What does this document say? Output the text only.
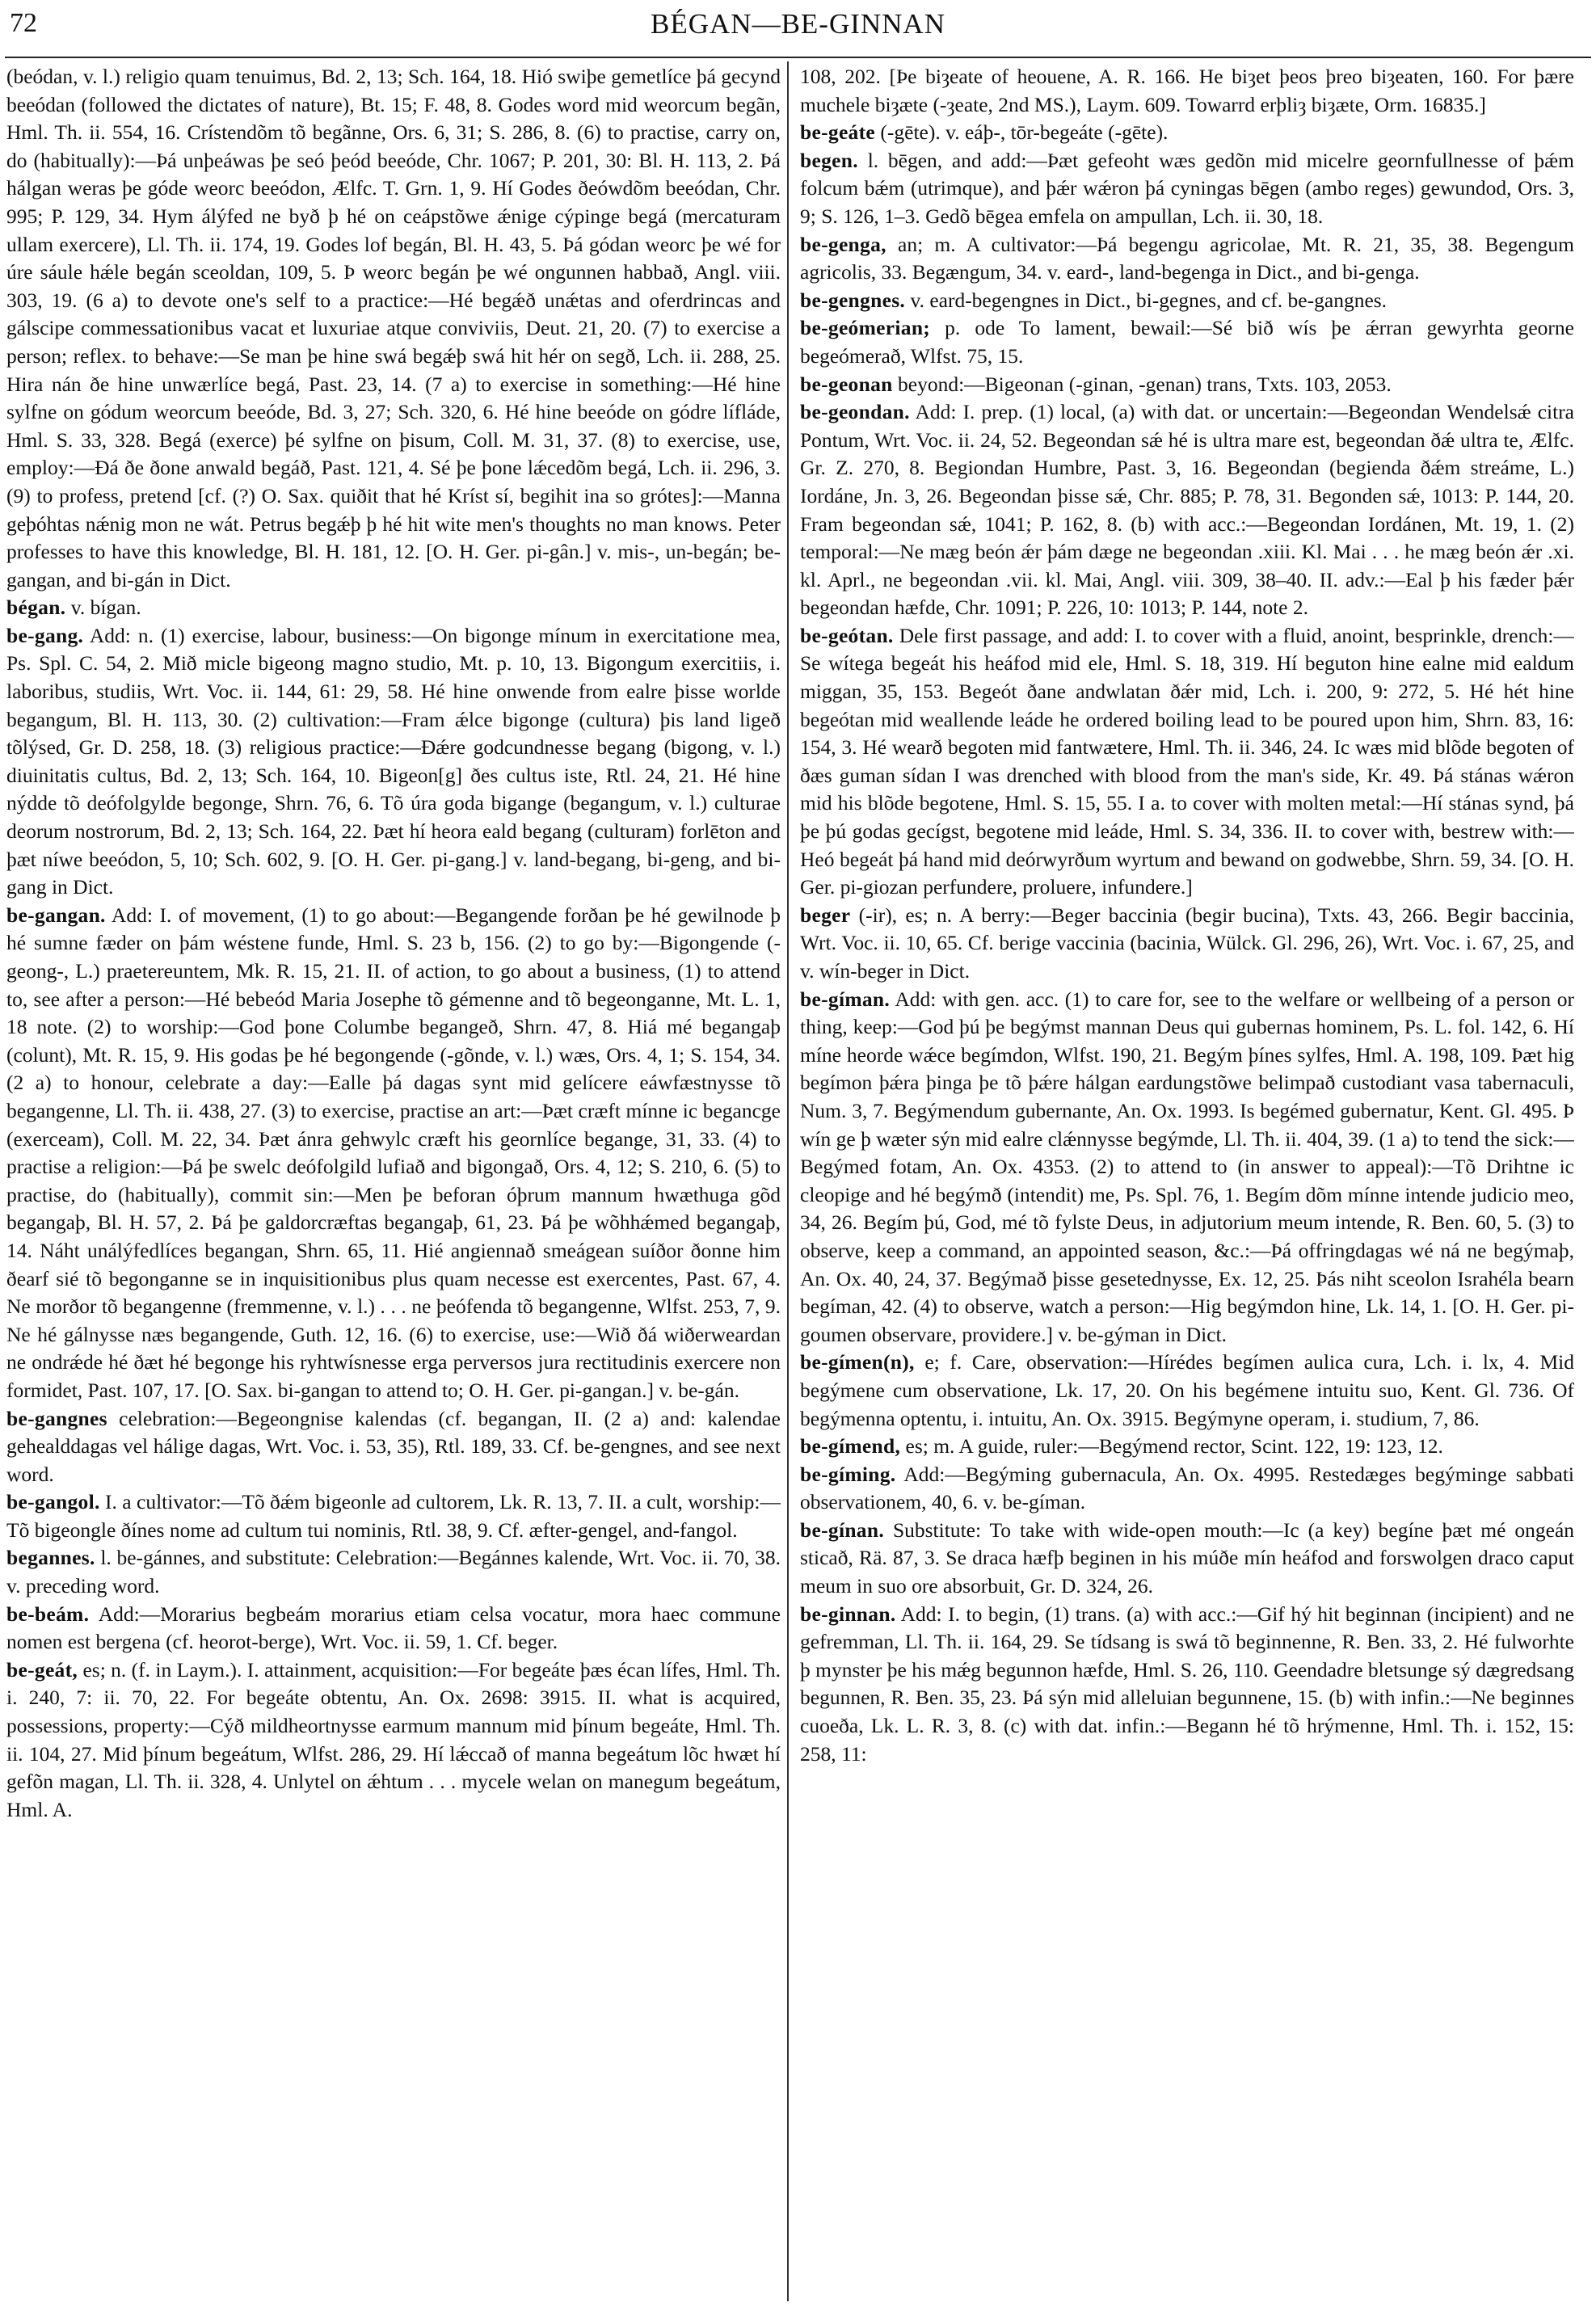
72	BÉGAN—BE-GINNAN

(beódan, v. l.) religio quam tenuimus, Bd. 2, 13; Sch. 164, 18. Hió swiþe gemetlíce þá gecynd beeódan (followed the dictates of nature), Bt. 15; F. 48, 8. Godes word mid weorcum begãn, Hml. Th. ii. 554, 16. Crístendõm tõ begãnne, Ors. 6, 31; S. 286, 8. (6) to practise, carry on, do (habitually):—Þá unþeáwas þe seó þeód beeóde, Chr. 1067; P. 201, 30: Bl. H. 113, 2. Þá hálgan weras þe góde weorc beeódon, Ælfc. T. Grn. 1, 9. Hí Godes ðeówdõm beeódan, Chr. 995; P. 129, 34. Hym álýfed ne byð þ hé on ceápstõwe ǽnige cýpinge begá (mercaturam ullam exercere), Ll. Th. ii. 174, 19. Godes lof begán, Bl. H. 43, 5. Þá gódan weorc þe wé for úre sáule hǽle begán sceoldan, 109, 5. Þ weorc begán þe wé ongunnen habbað, Angl. viii. 303, 19. (6 a) to devote one's self to a practice:—Hé begǽð unǽtas and oferdrincas and gálscipe commessationibus vacat et luxuriae atque conviviis, Deut. 21, 20. (7) to exercise a person; reflex. to behave:—Se man þe hine swá begǽþ swá hit hér on segð, Lch. ii. 288, 25. Hira nán ðe hine unwærlíce begá, Past. 23, 14. (7 a) to exercise in something:—Hé hine sylfne on gódum weorcum beeóde, Bd. 3, 27; Sch. 320, 6. Hé hine beeóde on gódre lífláde, Hml. S. 33, 328. Begá (exerce) þé sylfne on þisum, Coll. M. 31, 37. (8) to exercise, use, employ:—Ðá ðe ðone anwald begáð, Past. 121, 4. Sé þe þone lǽcedõm begá, Lch. ii. 296, 3. (9) to profess, pretend [cf. (?) O. Sax. quiðit that hé Kríst sí, begihit ina so grótes]:—Manna geþóhtas nǽnig mon ne wát. Petrus begǽþ þ hé hit wite men's thoughts no man knows. Peter professes to have this knowledge, Bl. H. 181, 12. [O. H. Ger. pi-gân.] v. mis-, un-begán; be-gangan, and bi-gán in Dict.

bégan. v. bígan.

be-gang. Add: n. (1) exercise, labour, business:—On bigonge mínum in exercitatione mea, Ps. Spl. C. 54, 2. Mið micle bigeong magno studio, Mt. p. 10, 13. Bigongum exercitiis, i. laboribus, studiis, Wrt. Voc. ii. 144, 61: 29, 58. Hé hine onwende from ealre þisse worlde begangum, Bl. H. 113, 30. (2) cultivation:—Fram ǽlce bigonge (cultura) þis land ligeð tõlýsed, Gr. D. 258, 18. (3) religious practice:—Ðǽre godcundnesse begang (bigong, v. l.) diuinitatis cultus, Bd. 2, 13; Sch. 164, 10. Bigeon[g] ðes cultus iste, Rtl. 24, 21. Hé hine nýdde tõ deófolgylde begonge, Shrn. 76, 6. Tõ úra goda bigange (begangum, v. l.) culturae deorum nostrorum, Bd. 2, 13; Sch. 164, 22. Þæt hí heora eald begang (culturam) forlēton and þæt níwe beeódon, 5, 10; Sch. 602, 9. [O. H. Ger. pi-gang.] v. land-begang, bi-geng, and bi-gang in Dict.

be-gangan. Add: I. of movement, (1) to go about:—Begangende forðan þe hé gewilnode þ hé sumne fæder on þám wéstene funde, Hml. S. 23 b, 156. (2) to go by:—Bigongende (-geong-, L.) praetereuntem, Mk. R. 15, 21. II. of action, to go about a business, (1) to attend to, see after a person:—Hé bebeód Maria Josephe tõ gémenne and tõ begeonganne, Mt. L. 1, 18 note. (2) to worship:—God þone Columbe begangeð, Shrn. 47, 8. Hiá mé begangaþ (colunt), Mt. R. 15, 9. His godas þe hé begongende (-gõnde, v. l.) wæs, Ors. 4, 1; S. 154, 34. (2 a) to honour, celebrate a day:—Ealle þá dagas synt mid gelícere eáwfæstnysse tõ begangenne, Ll. Th. ii. 438, 27. (3) to exercise, practise an art:—Þæt cræft mínne ic begancge (exerceam), Coll. M. 22, 34. Þæt ánra gehwylc cræft his geornlíce begange, 31, 33. (4) to practise a religion:—Þá þe swelc deófolgild lufiað and bigongað, Ors. 4, 12; S. 210, 6. (5) to practise, do (habitually), commit sin:—Men þe beforan óþrum mannum hwæthuga gõd begangaþ, Bl. H. 57, 2. Þá þe galdorcræftas begangaþ, 61, 23. Þá þe wõhhǽmed begangaþ, 14. Náht unálýfedlíces begangan, Shrn. 65, 11. Hié angiennað smeágean suíðor ðonne him ðearf sié tõ begonganne se in inquisitionibus plus quam necesse est exercentes, Past. 67, 4. Ne morðor tõ begangenne (fremmenne, v. l.) . . . ne þeófenda tõ begangenne, Wlfst. 253, 7, 9. Ne hé gálnysse næs begangende, Guth. 12, 16. (6) to exercise, use:—Wið ðá wiðerweardan ne ondrǽde hé ðæt hé begonge his ryhtwísnesse erga perversos jura rectitudinis exercere non formidet, Past. 107, 17. [O. Sax. bi-gangan to attend to; O. H. Ger. pi-gangan.] v. be-gán.

be-gangnes celebration:—Begeongnise kalendas (cf. begangan, II. (2 a) and: kalendae gehealddagas vel hálige dagas, Wrt. Voc. i. 53, 35), Rtl. 189, 33. Cf. be-gengnes, and see next word.

be-gangol. I. a cultivator:—Tõ ðǽm bigeonle ad cultorem, Lk. R. 13, 7. II. a cult, worship:—Tõ bigeongle ðínes nome ad cultum tui nominis, Rtl. 38, 9. Cf. æfter-gengel, and-fangol.

begannes. l. be-gánnes, and substitute: Celebration:—Begánnes kalende, Wrt. Voc. ii. 70, 38. v. preceding word.

be-beám. Add:—Morarius begbeám morarius etiam celsa vocatur, mora haec commune nomen est bergena (cf. heorot-berge), Wrt. Voc. ii. 59, 1. Cf. beger.

be-geát, es; n. (f. in Laym.). I. attainment, acquisition:—For begeáte þæs écan lífes, Hml. Th. i. 240, 7: ii. 70, 22. For begeáte obtentu, An. Ox. 2698: 3915. II. what is acquired, possessions, property:—Cýð mildheortnysse earmum mannum mid þínum begeáte, Hml. Th. ii. 104, 27. Mid þínum begeátum, Wlfst. 286, 29. Hí lǽccað of manna begeátum lõc hwæt hí gefõn magan, Ll. Th. ii. 328, 4. Unlytel on ǽhtum . . . mycele welan on manegum begeátum, Hml. A.

108, 202. [Þe biȝeate of heouene, A. R. 166. He biȝet þeos þreo biȝeaten, 160. For þære muchele biȝæte (-ȝeate, 2nd MS.), Laym. 609. Towarrd erþliȝ biȝæte, Orm. 16835.]

be-geáte (-gēte). v. eáþ-, tōr-begeáte (-gēte).

begen. l. bēgen, and add:—Þæt gefeoht wæs gedõn mid micelre geornfullnesse of þǽm folcum bǽm (utrimque), and þǽr wǽron þá cyningas bēgen (ambo reges) gewundod, Ors. 3, 9; S. 126, 1–3. Gedõ bēgea emfela on ampullan, Lch. ii. 30, 18.

be-genga, an; m. A cultivator:—Þá begengu agricolae, Mt. R. 21, 35, 38. Begengum agricolis, 33. Begængum, 34. v. eard-, land-begenga in Dict., and bi-genga.

be-gengnes. v. eard-begengnes in Dict., bi-gegnes, and cf. be-gangnes.

be-geómerian; p. ode To lament, bewail:—Sé bið wís þe ǽrran gewyrhta georne begeómerað, Wlfst. 75, 15.

be-geonan beyond:—Bigeonan (-ginan, -genan) trans, Txts. 103, 2053.

be-geondan. Add: I. prep. (1) local, (a) with dat. or uncertain:—Begeondan Wendelsǽ citra Pontum, Wrt. Voc. ii. 24, 52. Begeondan sǽ hé is ultra mare est, begeondan ðǽ ultra te, Ælfc. Gr. Z. 270, 8. Begiondan Humbre, Past. 3, 16. Begeondan (begienda ðǽm streáme, L.) Iordáne, Jn. 3, 26. Begeondan þisse sǽ, Chr. 885; P. 78, 31. Begonden sǽ, 1013: P. 144, 20. Fram begeondan sǽ, 1041; P. 162, 8. (b) with acc.:—Begeondan Iordánen, Mt. 19, 1. (2) temporal:—Ne mæg beón ǽr þám dæge ne begeondan .xiii. Kl. Mai . . . he mæg beón ǽr .xi. kl. Aprl., ne begeondan .vii. kl. Mai, Angl. viii. 309, 38–40. II. adv.:—Eal þ his fæder þǽr begeondan hæfde, Chr. 1091; P. 226, 10: 1013; P. 144, note 2.

be-geótan. Dele first passage, and add: I. to cover with a fluid, anoint, besprinkle, drench:—Se wítega begeát his heáfod mid ele, Hml. S. 18, 319. Hí beguton hine ealne mid ealdum miggan, 35, 153. Begeót ðane andwlatan ðǽr mid, Lch. i. 200, 9: 272, 5. Hé hét hine begeótan mid weallende leáde he ordered boiling lead to be poured upon him, Shrn. 83, 16: 154, 3. Hé wearð begoten mid fantwætere, Hml. Th. ii. 346, 24. Ic wæs mid blõde begoten of ðæs guman sídan I was drenched with blood from the man's side, Kr. 49. Þá stánas wǽron mid his blõde begotene, Hml. S. 15, 55. I a. to cover with molten metal:—Hí stánas synd, þá þe þú godas gecígst, begotene mid leáde, Hml. S. 34, 336. II. to cover with, bestrew with:—Heó begeát þá hand mid deórwyrðum wyrtum and bewand on godwebbe, Shrn. 59, 34. [O. H. Ger. pi-giozan perfundere, proluere, infundere.]

beger (-ir), es; n. A berry:—Beger baccinia (begir bucina), Txts. 43, 266. Begir baccinia, Wrt. Voc. ii. 10, 65. Cf. berige vaccinia (bacinia, Wülck. Gl. 296, 26), Wrt. Voc. i. 67, 25, and v. wín-beger in Dict.

be-gíman. Add: with gen. acc. (1) to care for, see to the welfare or wellbeing of a person or thing, keep:—God þú þe begýmst mannan Deus qui gubernas hominem, Ps. L. fol. 142, 6. Hí míne heorde wǽce begímdon, Wlfst. 190, 21. Begým þínes sylfes, Hml. A. 198, 109. Þæt hig begímon þǽra þinga þe tõ þǽre hálgan eardungstõwe belimpað custodiant vasa tabernaculi, Num. 3, 7. Begýmendum gubernante, An. Ox. 1993. Is begémed gubernatur, Kent. Gl. 495. Þ wín ge þ wæter sýn mid ealre clǽnnysse begýmde, Ll. Th. ii. 404, 39. (1 a) to tend the sick:—Begýmed fotam, An. Ox. 4353. (2) to attend to (in answer to appeal):—Tõ Drihtne ic cleopige and hé begýmð (intendit) me, Ps. Spl. 76, 1. Begím dõm mínne intende judicio meo, 34, 26. Begím þú, God, mé tõ fylste Deus, in adjutorium meum intende, R. Ben. 60, 5. (3) to observe, keep a command, an appointed season, &c.:—Þá offringdagas wé ná ne begýmaþ, An. Ox. 40, 24, 37. Begýmað þisse gesetednysse, Ex. 12, 25. Þás niht sceolon Israhéla bearn begíman, 42. (4) to observe, watch a person:—Hig begýmdon hine, Lk. 14, 1. [O. H. Ger. pi-goumen observare, providere.] v. be-gýman in Dict.

be-gímen(n), e; f. Care, observation:—Hírédes begímen aulica cura, Lch. i. lx, 4. Mid begýmene cum observatione, Lk. 17, 20. On his begémene intuitu suo, Kent. Gl. 736. Of begýmenna optentu, i. intuitu, An. Ox. 3915. Begýmyne operam, i. studium, 7, 86.

be-gímend, es; m. A guide, ruler:—Begýmend rector, Scint. 122, 19: 123, 12.

be-gíming. Add:—Begýming gubernacula, An. Ox. 4995. Restedæges begýminge sabbati observationem, 40, 6. v. be-gíman.

be-gínan. Substitute: To take with wide-open mouth:—Ic (a key) begíne þæt mé ongeán sticað, Rä. 87, 3. Se draca hæfþ beginen in his múðe mín heáfod and forswolgen draco caput meum in suo ore absorbuit, Gr. D. 324, 26.

be-ginnan. Add: I. to begin, (1) trans. (a) with acc.:—Gif hý hit beginnan (incipient) and ne gefremman, Ll. Th. ii. 164, 29. Se tídsang is swá tõ beginnenne, R. Ben. 33, 2. Hé fulworhte þ mynster þe his mǽg begunnon hæfde, Hml. S. 26, 110. Geendadre bletsunge sý dægredsang begunnen, R. Ben. 35, 23. Þá sýn mid alleluian begunnene, 15. (b) with infin.:—Ne beginnes cuoeða, Lk. L. R. 3, 8. (c) with dat. infin.:—Begann hé tõ hrýmenne, Hml. Th. i. 152, 15: 258, 11:
